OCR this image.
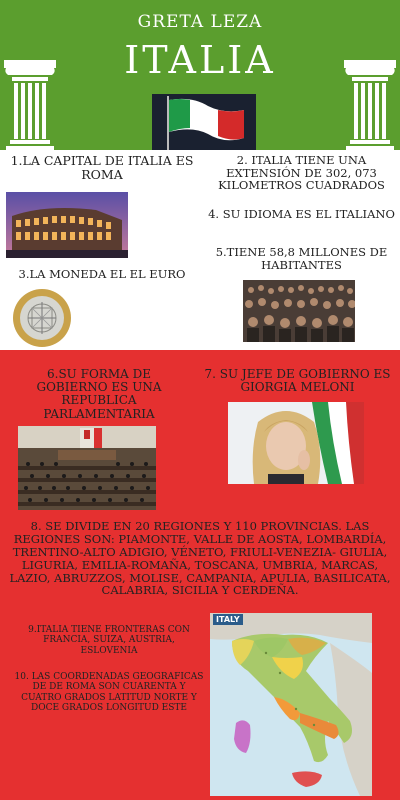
GRETA LEZA
ITALIA
1.LA CAPITAL DE ITALIA ES ROMA
2. ITALIA TIENE UNA EXTENSIÓN DE 302, 073 KILOMETROS CUADRADOS
4. SU IDIOMA ES EL ITALIANO
5.TIENE 58,8 MILLONES DE HABITANTES
3.LA MONEDA EL EL EURO
6.SU FORMA DE GOBIERNO ES UNA REPUBLICA PARLAMENTARIA
7. SU JEFE DE GOBIERNO ES GIORGIA MELONI
8. SE DIVIDE EN 20 REGIONES Y 110 PROVINCIAS. LAS REGIONES SON: PIAMONTE, VALLE DE AOSTA, LOMBARDÍA, TRENTINO-ALTO ADIGIO, VÉNETO, FRIULI-VENEZIA- GIULIA, LIGURIA, EMILIA-ROMAÑA, TOSCANA, UMBRIA, MARCAS, LAZIO, ABRUZZOS, MOLISE, CAMPANIA, APULIA, BASILICATA, CALABRIA, SICILIA Y CERDEÑA.
9.ITALIA TIENE FRONTERAS CON FRANCIA, SUIZA, AUSTRIA, ESLOVENIA
10. LAS COORDENADAS GEOGRAFICAS DE DE ROMA SON CUARENTA Y CUATRO GRADOS LATITUD NORTE Y DOCE GRADOS LONGITUD ESTE
ITALY
